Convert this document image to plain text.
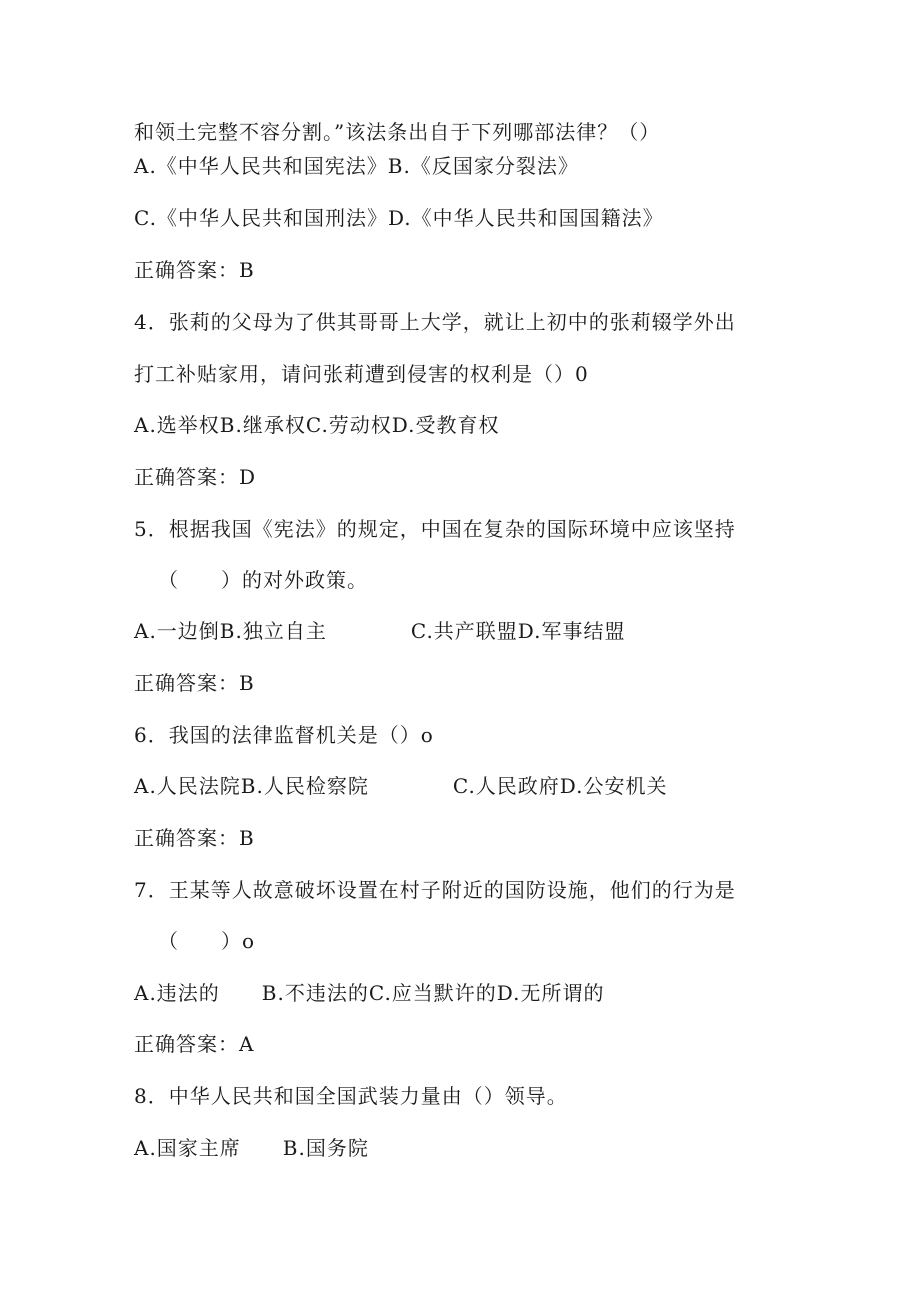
和领土完整不容分割。”该法条出自于下列哪部法律？（）
A.《中华人民共和国宪法》B.《反国家分裂法》
C.《中华人民共和国刑法》D.《中华人民共和国国籍法》
正确答案：B
4．张莉的父母为了供其哥哥上大学，就让上初中的张莉辍学外出
打工补贴家用，请问张莉遭到侵害的权利是（）0
A.选举权B.继承权C.劳动权D.受教育权
正确答案：D
5．根据我国《宪法》的规定，中国在复杂的国际环境中应该坚持
（　　）的对外政策。
A.一边倒B.独立自主　　　　C.共产联盟D.军事结盟
正确答案：B
6．我国的法律监督机关是（）o
A.人民法院B.人民检察院　　　　C.人民政府D.公安机关
正确答案：B
7．王某等人故意破坏设置在村子附近的国防设施，他们的行为是
（　　）o
A.违法的　　B.不违法的C.应当默许的D.无所谓的
正确答案：A
8．中华人民共和国全国武装力量由（）领导。
A.国家主席　　B.国务院
